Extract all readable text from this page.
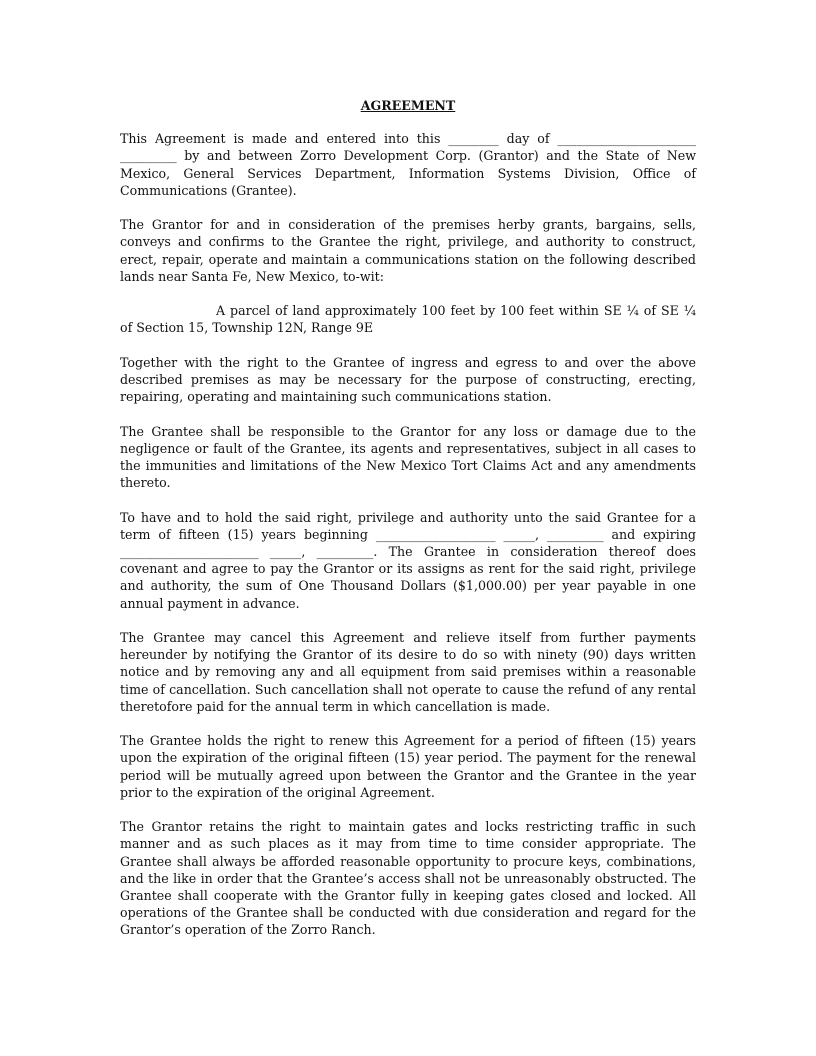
AGREEMENT

This Agreement is made and entered into this ________ day of ______________________ _________ by and between Zorro Development Corp. (Grantor) and the State of New Mexico, General Services Department, Information Systems Division, Office of Communications (Grantee).

The Grantor for and in consideration of the premises herby grants, bargains, sells, conveys and confirms to the Grantee the right, privilege, and authority to construct, erect, repair, operate and maintain a communications station on the following described lands near Santa Fe, New Mexico, to-wit:

A parcel of land approximately 100 feet by 100 feet within SE ¼ of SE ¼ of Section 15, Township 12N, Range 9E

Together with the right to the Grantee of ingress and egress to and over the above described premises as may be necessary for the purpose of constructing, erecting, repairing, operating and maintaining such communications station.

The Grantee shall be responsible to the Grantor for any loss or damage due to the negligence or fault of the Grantee, its agents and representatives, subject in all cases to the immunities and limitations of the New Mexico Tort Claims Act and any amendments thereto.

To have and to hold the said right, privilege and authority unto the said Grantee for a term of fifteen (15) years beginning ___________________ _____, _________ and expiring ______________________ _____, _________. The Grantee in consideration thereof does covenant and agree to pay the Grantor or its assigns as rent for the said right, privilege and authority, the sum of One Thousand Dollars ($1,000.00) per year payable in one annual payment in advance.

The Grantee may cancel this Agreement and relieve itself from further payments hereunder by notifying the Grantor of its desire to do so with ninety (90) days written notice and by removing any and all equipment from said premises within a reasonable time of cancellation. Such cancellation shall not operate to cause the refund of any rental theretofore paid for the annual term in which cancellation is made.

The Grantee holds the right to renew this Agreement for a period of fifteen (15) years upon the expiration of the original fifteen (15) year period. The payment for the renewal period will be mutually agreed upon between the Grantor and the Grantee in the year prior to the expiration of the original Agreement.

The Grantor retains the right to maintain gates and locks restricting traffic in such manner and as such places as it may from time to time consider appropriate. The Grantee shall always be afforded reasonable opportunity to procure keys, combinations, and the like in order that the Grantee’s access shall not be unreasonably obstructed. The Grantee shall cooperate with the Grantor fully in keeping gates closed and locked. All operations of the Grantee shall be conducted with due consideration and regard for the Grantor’s operation of the Zorro Ranch.
